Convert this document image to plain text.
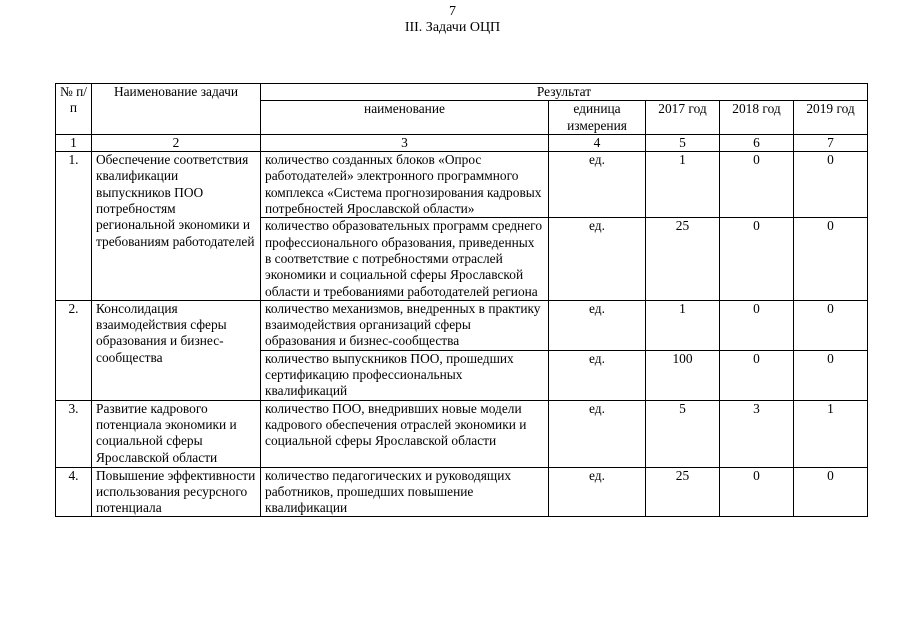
7
III. Задачи ОЦП
№ п/п	Наименование задачи	Результат				
		наименование	единица измерения	2017 год	2018 год	2019 год
1	2	3	4	5	6	7
1.	Обеспечение соответствия квалификации выпускников ПОО потребностям региональной экономики и требованиям работодателей	количество созданных блоков «Опрос работодателей» электронного программного комплекса «Система прогнозирования кадровых потребностей Ярославской области»	ед.	1	0	0
		количество образовательных программ среднего профессионального образования, приведенных в соответствие с потребностями отраслей экономики и социальной сферы Ярославской области и требованиями работодателей региона	ед.	25	0	0
2.	Консолидация взаимодействия сферы образования и бизнес-сообщества	количество механизмов, внедренных в практику взаимодействия организаций сферы образования и бизнес-сообщества	ед.	1	0	0
		количество выпускников ПОО, прошедших сертификацию профессиональных квалификаций	ед.	100	0	0
3.	Развитие кадрового потенциала экономики и социальной сферы Ярославской области	количество ПОО, внедривших новые модели кадрового обеспечения отраслей экономики и социальной сферы Ярославской области	ед.	5	3	1
4.	Повышение эффективности использования ресурсного потенциала	количество педагогических и руководящих работников, прошедших повышение квалификации	ед.	25	0	0
